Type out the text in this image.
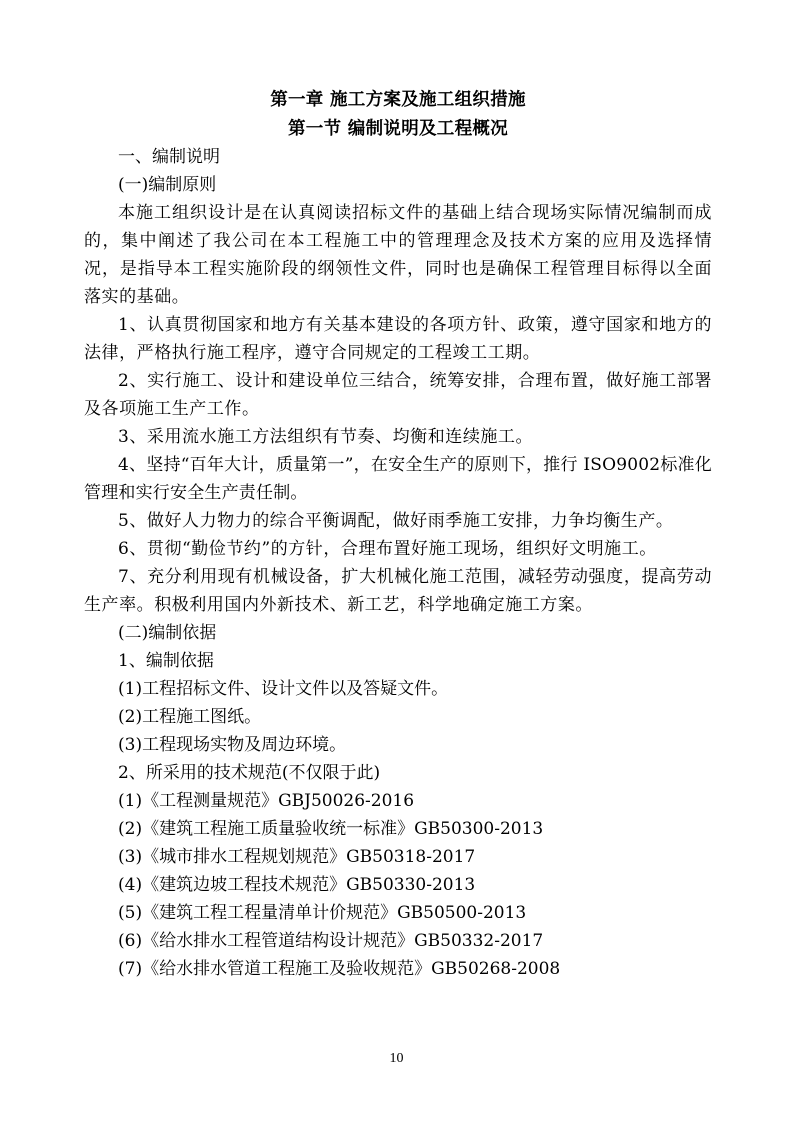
第一章 施工方案及施工组织措施
第一节 编制说明及工程概况
一、编制说明
(一)编制原则
本施工组织设计是在认真阅读招标文件的基础上结合现场实际情况编制而成的，集中阐述了我公司在本工程施工中的管理理念及技术方案的应用及选择情况，是指导本工程实施阶段的纲领性文件，同时也是确保工程管理目标得以全面落实的基础。
1、认真贯彻国家和地方有关基本建设的各项方针、政策，遵守国家和地方的法律，严格执行施工程序，遵守合同规定的工程竣工工期。
2、实行施工、设计和建设单位三结合，统筹安排，合理布置，做好施工部署及各项施工生产工作。
3、采用流水施工方法组织有节奏、均衡和连续施工。
4、坚持“百年大计，质量第一”，在安全生产的原则下，推行 ISO9002标准化管理和实行安全生产责任制。
5、做好人力物力的综合平衡调配，做好雨季施工安排，力争均衡生产。
6、贯彻“勤俭节约”的方针，合理布置好施工现场，组织好文明施工。
7、充分利用现有机械设备，扩大机械化施工范围，减轻劳动强度，提高劳动生产率。积极利用国内外新技术、新工艺，科学地确定施工方案。
(二)编制依据
1、编制依据
(1)工程招标文件、设计文件以及答疑文件。
(2)工程施工图纸。
(3)工程现场实物及周边环境。
2、所采用的技术规范(不仅限于此)
(1)《工程测量规范》GBJ50026-2016
(2)《建筑工程施工质量验收统一标准》GB50300-2013
(3)《城市排水工程规划规范》GB50318-2017
(4)《建筑边坡工程技术规范》GB50330-2013
(5)《建筑工程工程量清单计价规范》GB50500-2013
(6)《给水排水工程管道结构设计规范》GB50332-2017
(7)《给水排水管道工程施工及验收规范》GB50268-2008
10
